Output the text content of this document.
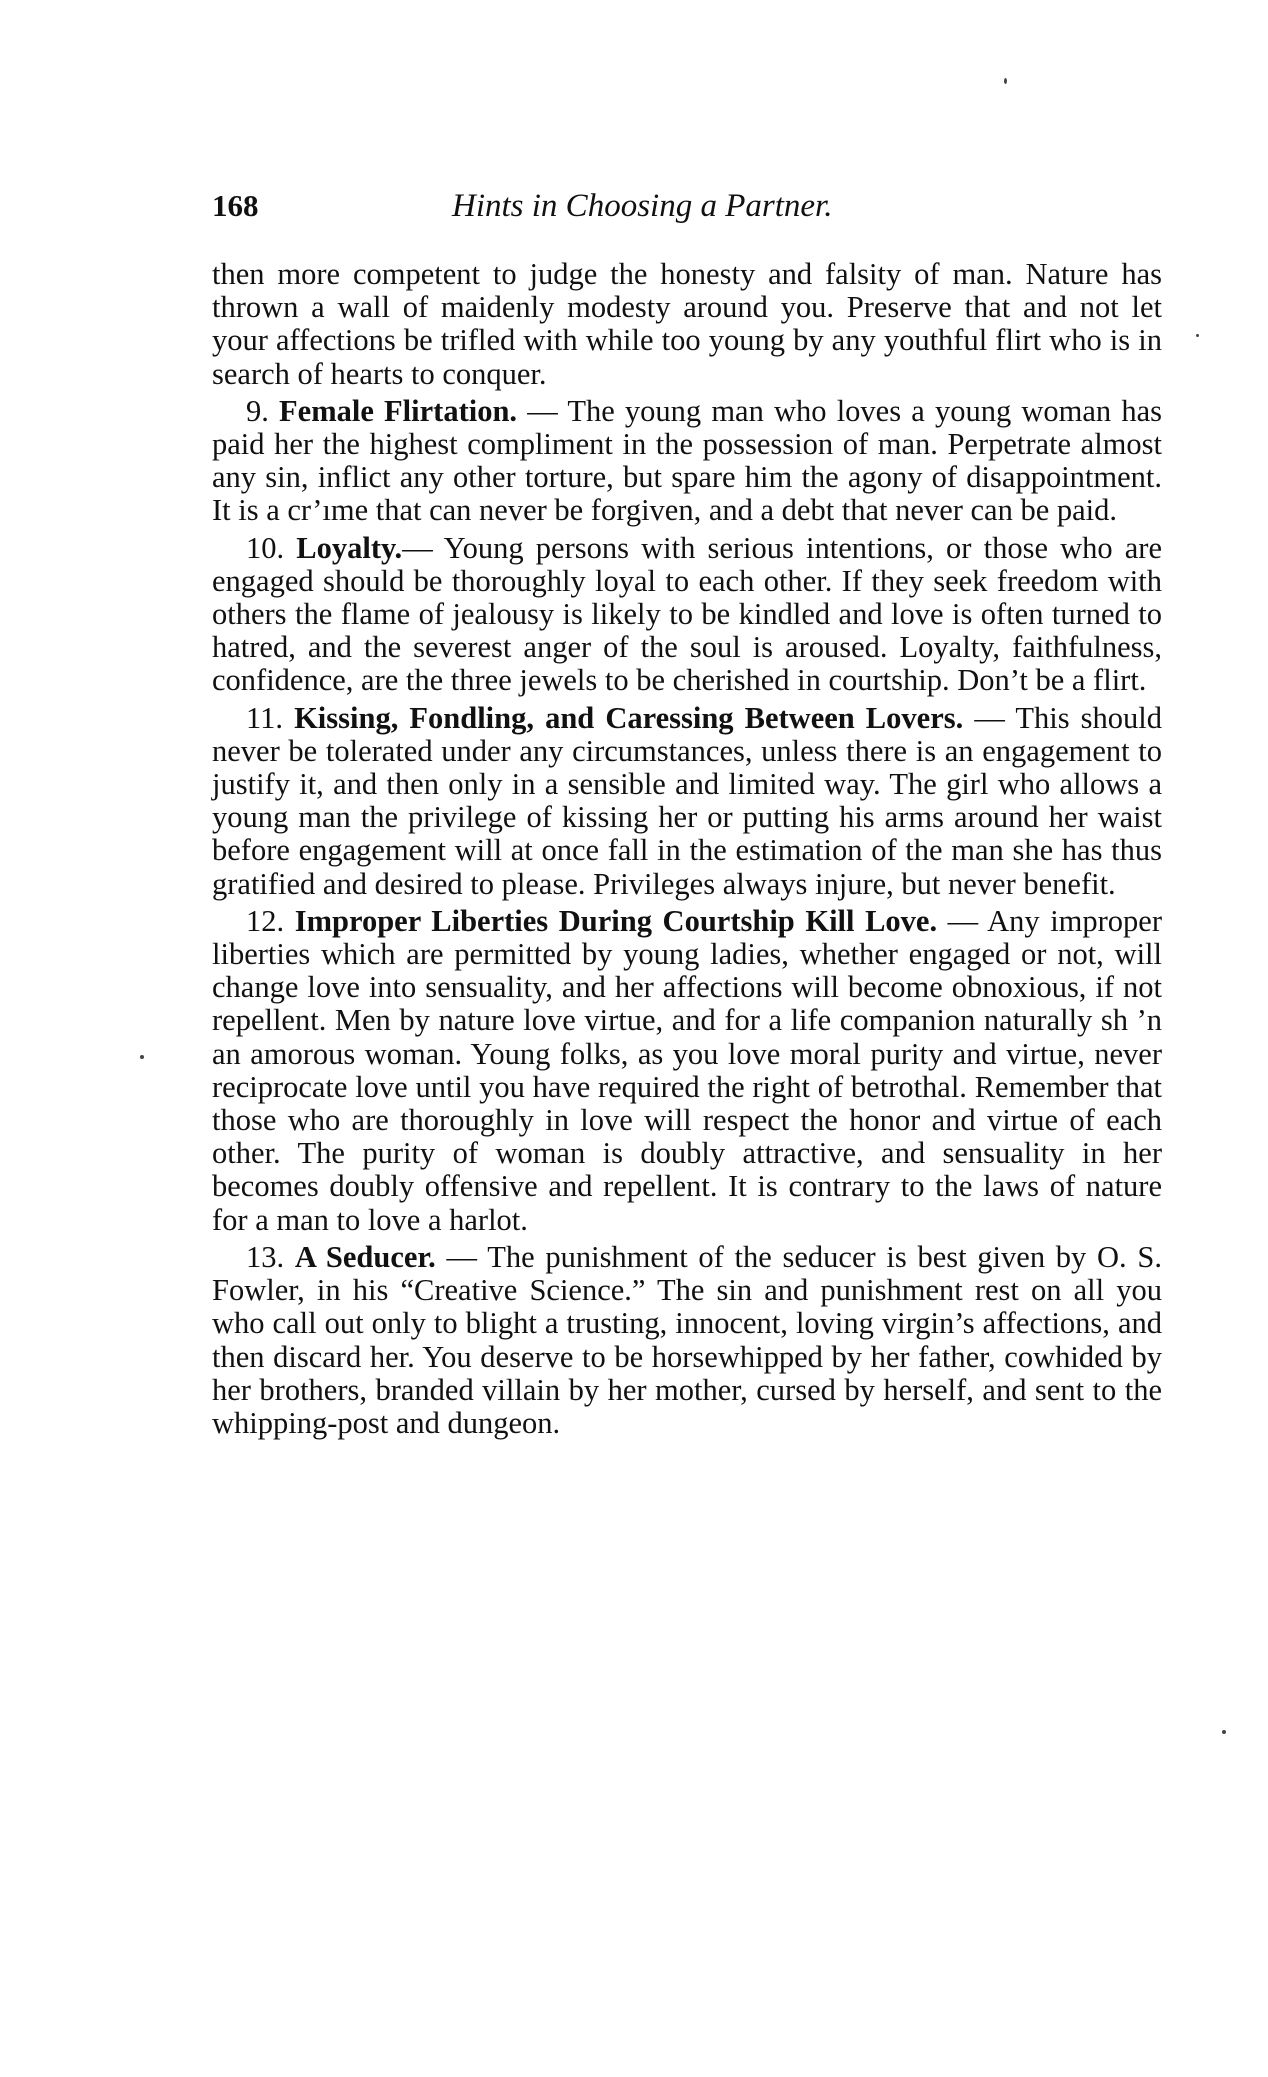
168	Hints in Choosing a Partner.

then more competent to judge the honesty and falsity of man. Nature has thrown a wall of maidenly modesty around you. Preserve that and not let your affections be trifled with while too young by any youthful flirt who is in search of hearts to conquer.

9. Female Flirtation. — The young man who loves a young woman has paid her the highest compliment in the possession of man. Perpetrate almost any sin, inflict any other torture, but spare him the agony of disappointment. It is a cr’ıme that can never be forgiven, and a debt that never can be paid.

10. Loyalty.— Young persons with serious intentions, or those who are engaged should be thoroughly loyal to each other. If they seek freedom with others the flame of jealousy is likely to be kindled and love is often turned to hatred, and the severest anger of the soul is aroused. Loyalty, faithfulness, confidence, are the three jewels to be cherished in courtship. Don’t be a flirt.

11. Kissing, Fondling, and Caressing Between Lovers. — This should never be tolerated under any circumstances, unless there is an engagement to justify it, and then only in a sensible and limited way. The girl who allows a young man the privilege of kissing her or putting his arms around her waist before engagement will at once fall in the estimation of the man she has thus gratified and desired to please. Privileges always injure, but never benefit.

12. Improper Liberties During Courtship Kill Love. — Any improper liberties which are permitted by young ladies, whether engaged or not, will change love into sensuality, and her affections will become obnoxious, if not repellent. Men by nature love virtue, and for a life companion naturally sh ’n an amorous woman. Young folks, as you love moral purity and virtue, never reciprocate love until you have required the right of betrothal. Remember that those who are thoroughly in love will respect the honor and virtue of each other. The purity of woman is doubly attractive, and sensuality in her becomes doubly offensive and repellent. It is contrary to the laws of nature for a man to love a harlot.

13. A Seducer. — The punishment of the seducer is best given by O. S. Fowler, in his “Creative Science.” The sin and punishment rest on all you who call out only to blight a trusting, innocent, loving virgin’s affections, and then discard her. You deserve to be horsewhipped by her father, cowhided by her brothers, branded villain by her mother, cursed by herself, and sent to the whipping-post and dungeon.
